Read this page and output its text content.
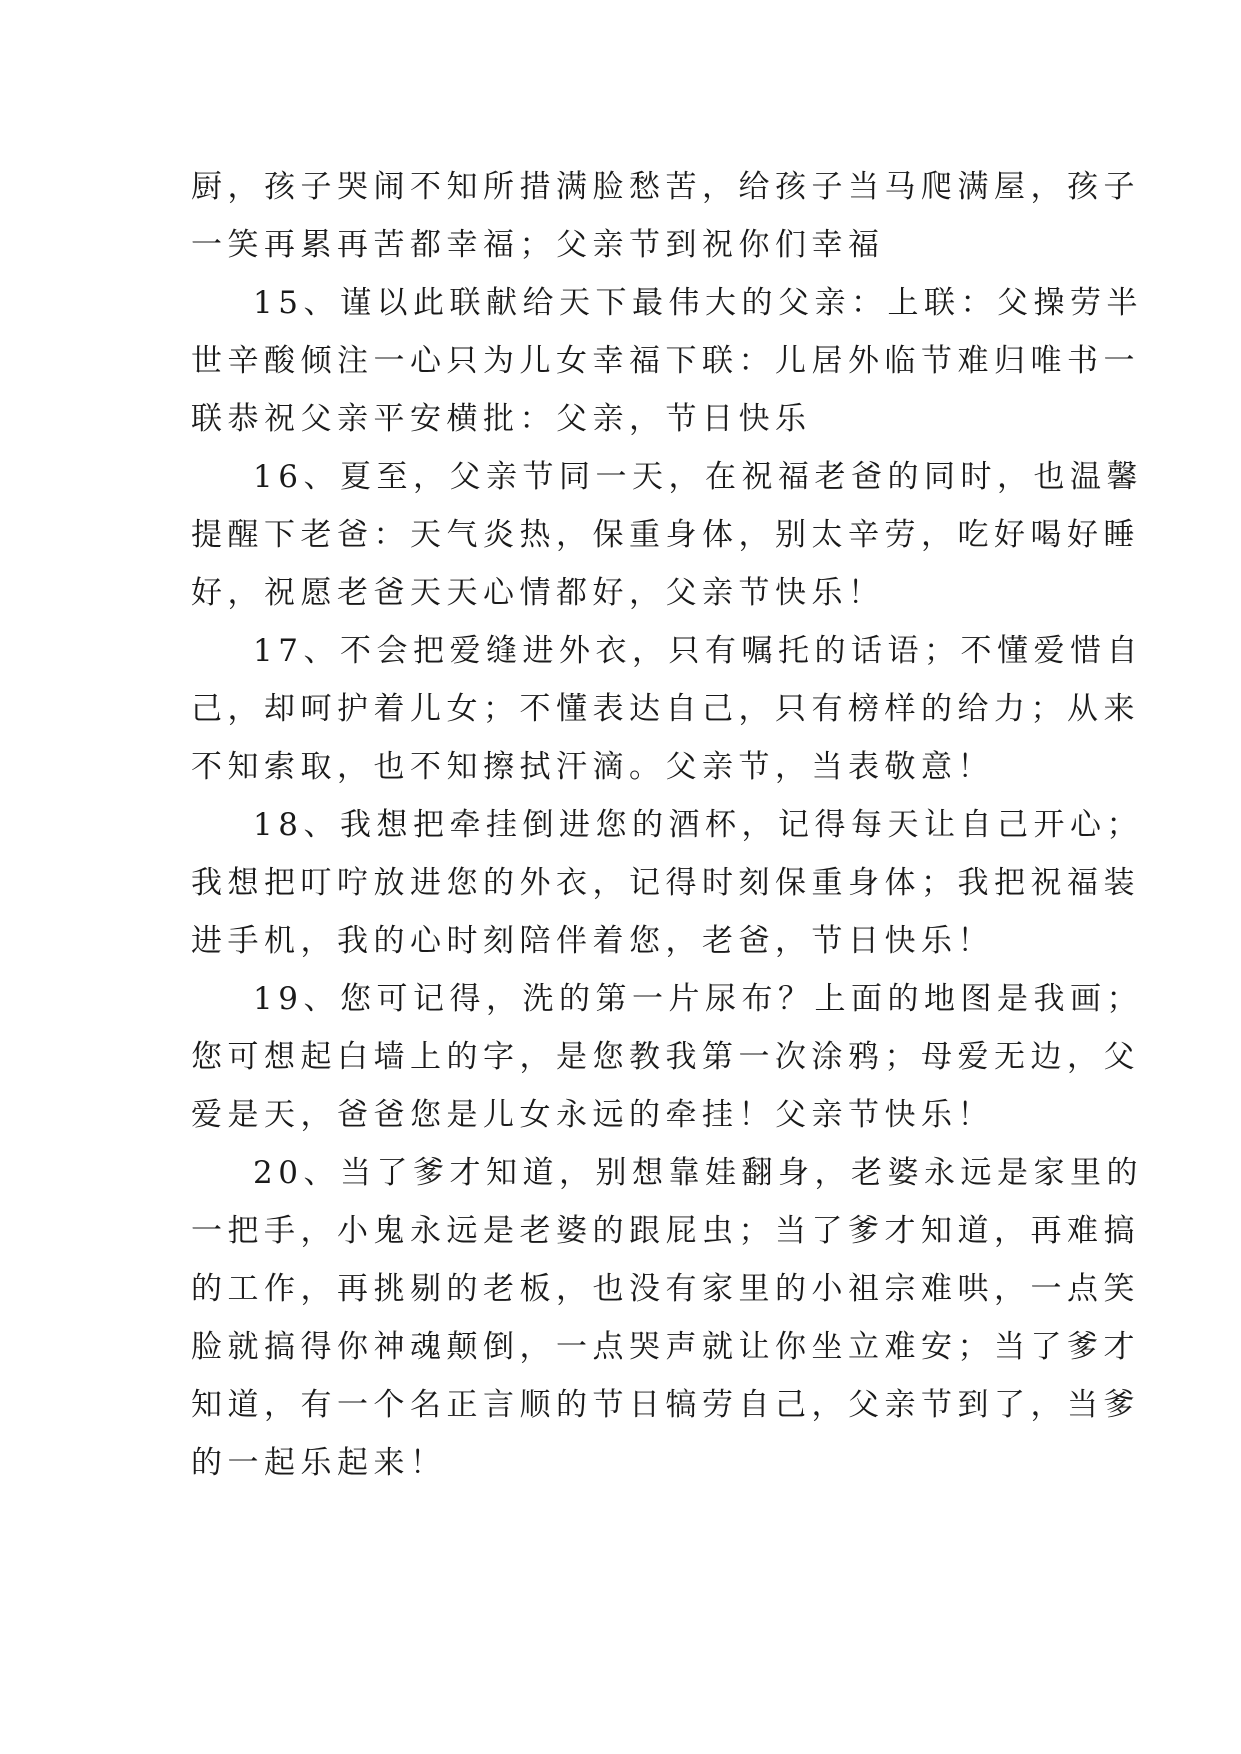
厨，孩子哭闹不知所措满脸愁苦，给孩子当马爬满屋，孩子
一笑再累再苦都幸福；父亲节到祝你们幸福
15、谨以此联献给天下最伟大的父亲：上联：父操劳半
世辛酸倾注一心只为儿女幸福下联：儿居外临节难归唯书一
联恭祝父亲平安横批：父亲，节日快乐
16、夏至，父亲节同一天，在祝福老爸的同时，也温馨
提醒下老爸：天气炎热，保重身体，别太辛劳，吃好喝好睡
好，祝愿老爸天天心情都好，父亲节快乐！
17、不会把爱缝进外衣，只有嘱托的话语；不懂爱惜自
己，却呵护着儿女；不懂表达自己，只有榜样的给力；从来
不知索取，也不知擦拭汗滴。父亲节，当表敬意！
18、我想把牵挂倒进您的酒杯，记得每天让自己开心；
我想把叮咛放进您的外衣，记得时刻保重身体；我把祝福装
进手机，我的心时刻陪伴着您，老爸，节日快乐！
19、您可记得，洗的第一片尿布？上面的地图是我画；
您可想起白墙上的字，是您教我第一次涂鸦；母爱无边，父
爱是天，爸爸您是儿女永远的牵挂！父亲节快乐！
20、当了爹才知道，别想靠娃翻身，老婆永远是家里的
一把手，小鬼永远是老婆的跟屁虫；当了爹才知道，再难搞
的工作，再挑剔的老板，也没有家里的小祖宗难哄，一点笑
脸就搞得你神魂颠倒，一点哭声就让你坐立难安；当了爹才
知道，有一个名正言顺的节日犒劳自己，父亲节到了，当爹
的一起乐起来！
